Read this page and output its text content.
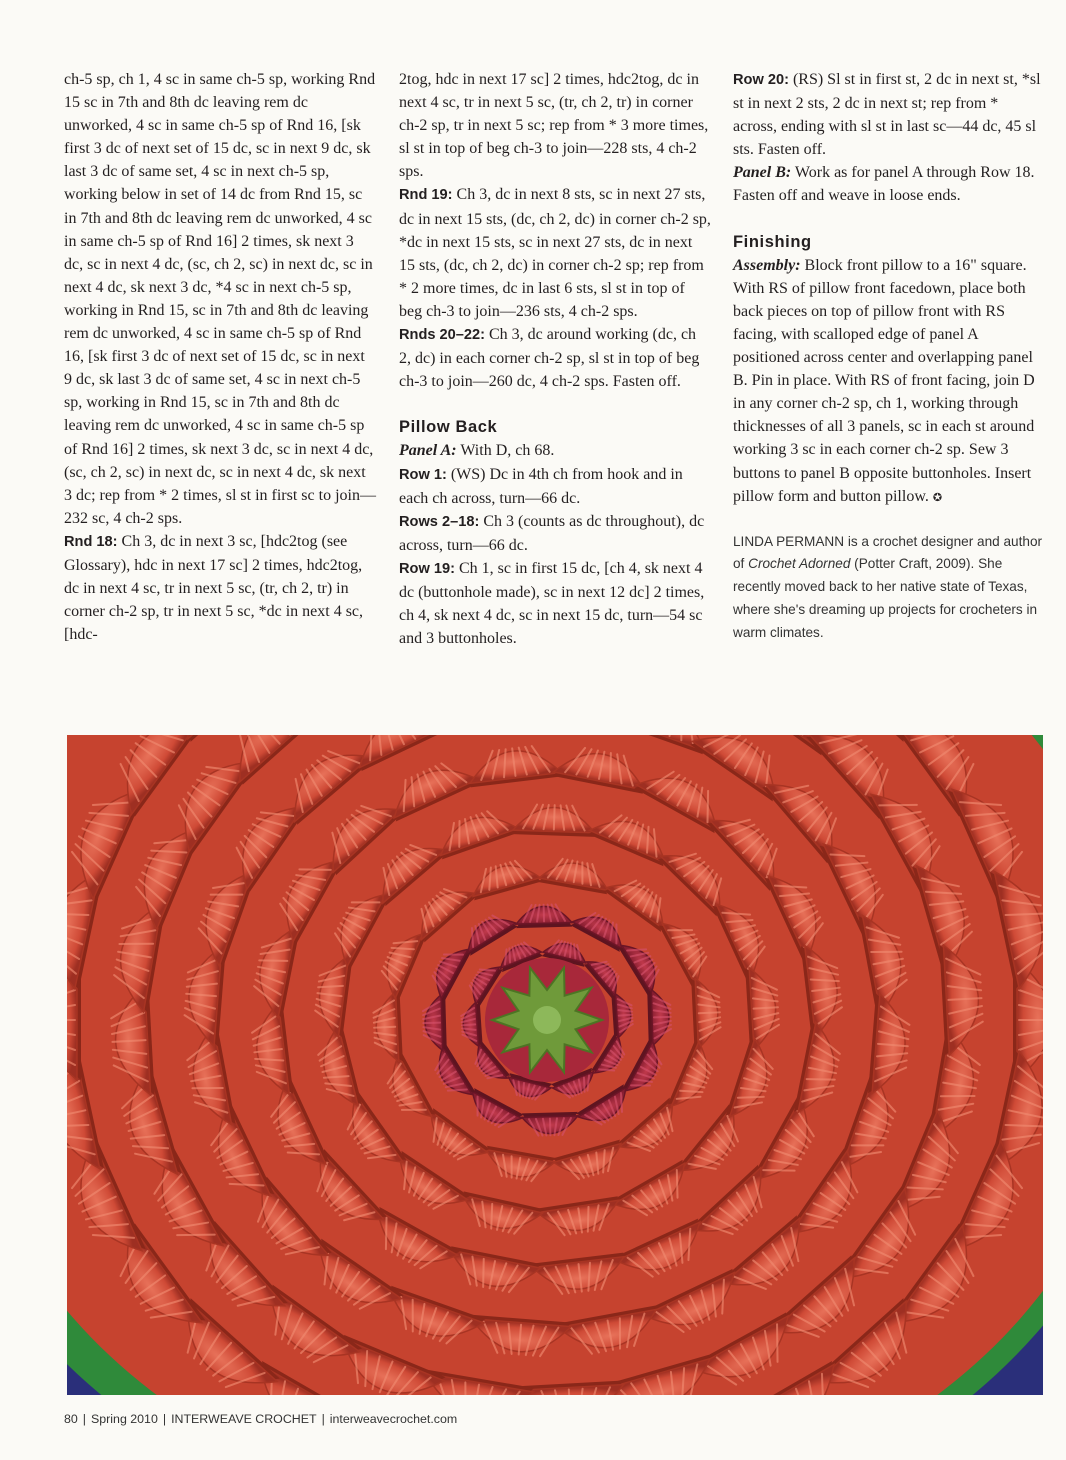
ch-5 sp, ch 1, 4 sc in same ch-5 sp, working Rnd 15 sc in 7th and 8th dc leaving rem dc unworked, 4 sc in same ch-5 sp of Rnd 16, [sk first 3 dc of next set of 15 dc, sc in next 9 dc, sk last 3 dc of same set, 4 sc in next ch-5 sp, working below in set of 14 dc from Rnd 15, sc in 7th and 8th dc leaving rem dc unworked, 4 sc in same ch-5 sp of Rnd 16] 2 times, sk next 3 dc, sc in next 4 dc, (sc, ch 2, sc) in next dc, sc in next 4 dc, sk next 3 dc, *4 sc in next ch-5 sp, working in Rnd 15, sc in 7th and 8th dc leaving rem dc unworked, 4 sc in same ch-5 sp of Rnd 16, [sk first 3 dc of next set of 15 dc, sc in next 9 dc, sk last 3 dc of same set, 4 sc in next ch-5 sp, working in Rnd 15, sc in 7th and 8th dc leaving rem dc unworked, 4 sc in same ch-5 sp of Rnd 16] 2 times, sk next 3 dc, sc in next 4 dc, (sc, ch 2, sc) in next dc, sc in next 4 dc, sk next 3 dc; rep from * 2 times, sl st in first sc to join—232 sc, 4 ch-2 sps.

Rnd 18: Ch 3, dc in next 3 sc, [hdc2tog (see Glossary), hdc in next 17 sc] 2 times, hdc2tog, dc in next 4 sc, tr in next 5 sc, (tr, ch 2, tr) in corner ch-2 sp, tr in next 5 sc, *dc in next 4 sc, [hdc-

2tog, hdc in next 17 sc] 2 times, hdc2tog, dc in next 4 sc, tr in next 5 sc, (tr, ch 2, tr) in corner ch-2 sp, tr in next 5 sc; rep from * 3 more times, sl st in top of beg ch-3 to join—228 sts, 4 ch-2 sps.

Rnd 19: Ch 3, dc in next 8 sts, sc in next 27 sts, dc in next 15 sts, (dc, ch 2, dc) in corner ch-2 sp, *dc in next 15 sts, sc in next 27 sts, dc in next 15 sts, (dc, ch 2, dc) in corner ch-2 sp; rep from * 2 more times, dc in last 6 sts, sl st in top of beg ch-3 to join—236 sts, 4 ch-2 sps.

Rnds 20–22: Ch 3, dc around working (dc, ch 2, dc) in each corner ch-2 sp, sl st in top of beg ch-3 to join—260 dc, 4 ch-2 sps. Fasten off.

Pillow Back

Panel A: With D, ch 68.

Row 1: (WS) Dc in 4th ch from hook and in each ch across, turn—66 dc.

Rows 2–18: Ch 3 (counts as dc throughout), dc across, turn—66 dc.

Row 19: Ch 1, sc in first 15 dc, [ch 4, sk next 4 dc (buttonhole made), sc in next 12 dc] 2 times, ch 4, sk next 4 dc, sc in next 15 dc, turn—54 sc and 3 buttonholes.

Row 20: (RS) Sl st in first st, 2 dc in next st, *sl st in next 2 sts, 2 dc in next st; rep from * across, ending with sl st in last sc—44 dc, 45 sl sts. Fasten off.

Panel B: Work as for panel A through Row 18. Fasten off and weave in loose ends.

Finishing

Assembly: Block front pillow to a 16" square. With RS of pillow front facedown, place both back pieces on top of pillow front with RS facing, with scalloped edge of panel A positioned across center and overlapping panel B. Pin in place. With RS of front facing, join D in any corner ch-2 sp, ch 1, working through thicknesses of all 3 panels, sc in each st around working 3 sc in each corner ch-2 sp. Sew 3 buttons to panel B opposite buttonholes. Insert pillow form and button pillow. ✪

LINDA PERMANN is a crochet designer and author of Crochet Adorned (Potter Craft, 2009). She recently moved back to her native state of Texas, where she's dreaming up projects for crocheters in warm climates.

80 | Spring 2010 | INTERWEAVE CROCHET | interweavecrochet.com
